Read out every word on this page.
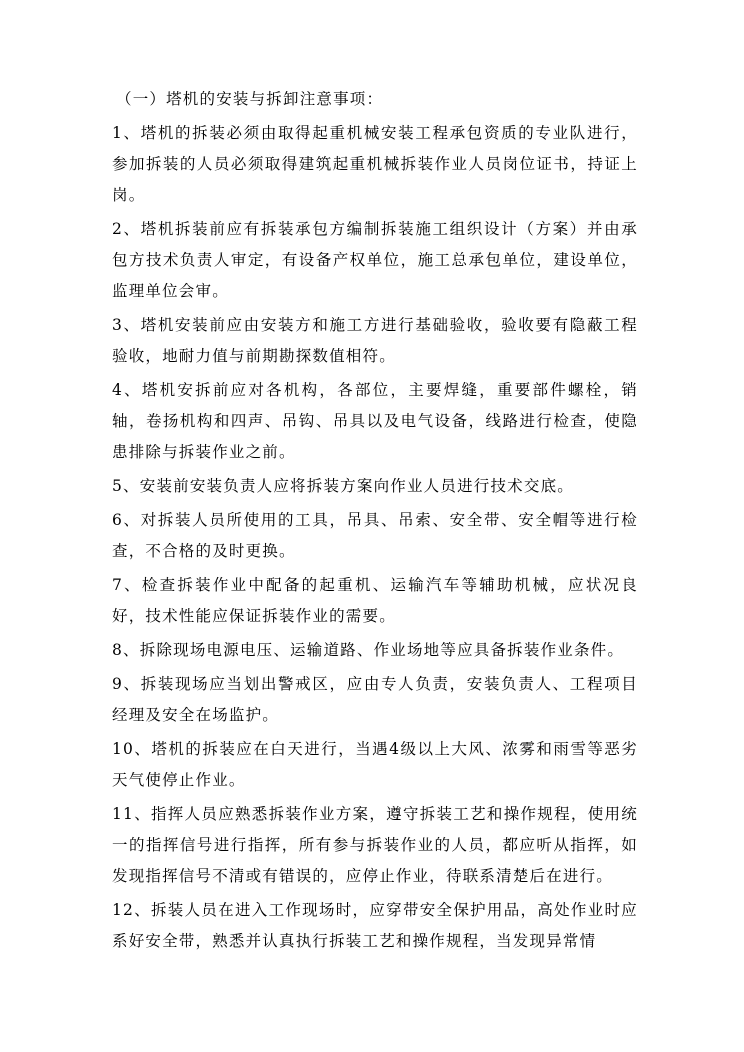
（一）塔机的安装与拆卸注意事项：

1、塔机的拆装必须由取得起重机械安装工程承包资质的专业队进行，参加拆装的人员必须取得建筑起重机械拆装作业人员岗位证书，持证上岗。

2、塔机拆装前应有拆装承包方编制拆装施工组织设计（方案）并由承包方技术负责人审定，有设备产权单位，施工总承包单位，建设单位，监理单位会审。

3、塔机安装前应由安装方和施工方进行基础验收，验收要有隐蔽工程验收，地耐力值与前期勘探数值相符。

4、塔机安拆前应对各机构，各部位，主要焊缝，重要部件螺栓，销轴，卷扬机构和四声、吊钩、吊具以及电气设备，线路进行检查，使隐患排除与拆装作业之前。

5、安装前安装负责人应将拆装方案向作业人员进行技术交底。

6、对拆装人员所使用的工具，吊具、吊索、安全带、安全帽等进行检查，不合格的及时更换。

7、检查拆装作业中配备的起重机、运输汽车等辅助机械，应状况良好，技术性能应保证拆装作业的需要。

8、拆除现场电源电压、运输道路、作业场地等应具备拆装作业条件。

9、拆装现场应当划出警戒区，应由专人负责，安装负责人、工程项目经理及安全在场监护。

10、塔机的拆装应在白天进行，当遇4级以上大风、浓雾和雨雪等恶劣天气使停止作业。

11、指挥人员应熟悉拆装作业方案，遵守拆装工艺和操作规程，使用统一的指挥信号进行指挥，所有参与拆装作业的人员，都应听从指挥，如发现指挥信号不清或有错误的，应停止作业，待联系清楚后在进行。

12、拆装人员在进入工作现场时，应穿带安全保护用品，高处作业时应系好安全带，熟悉并认真执行拆装工艺和操作规程，当发现异常情
